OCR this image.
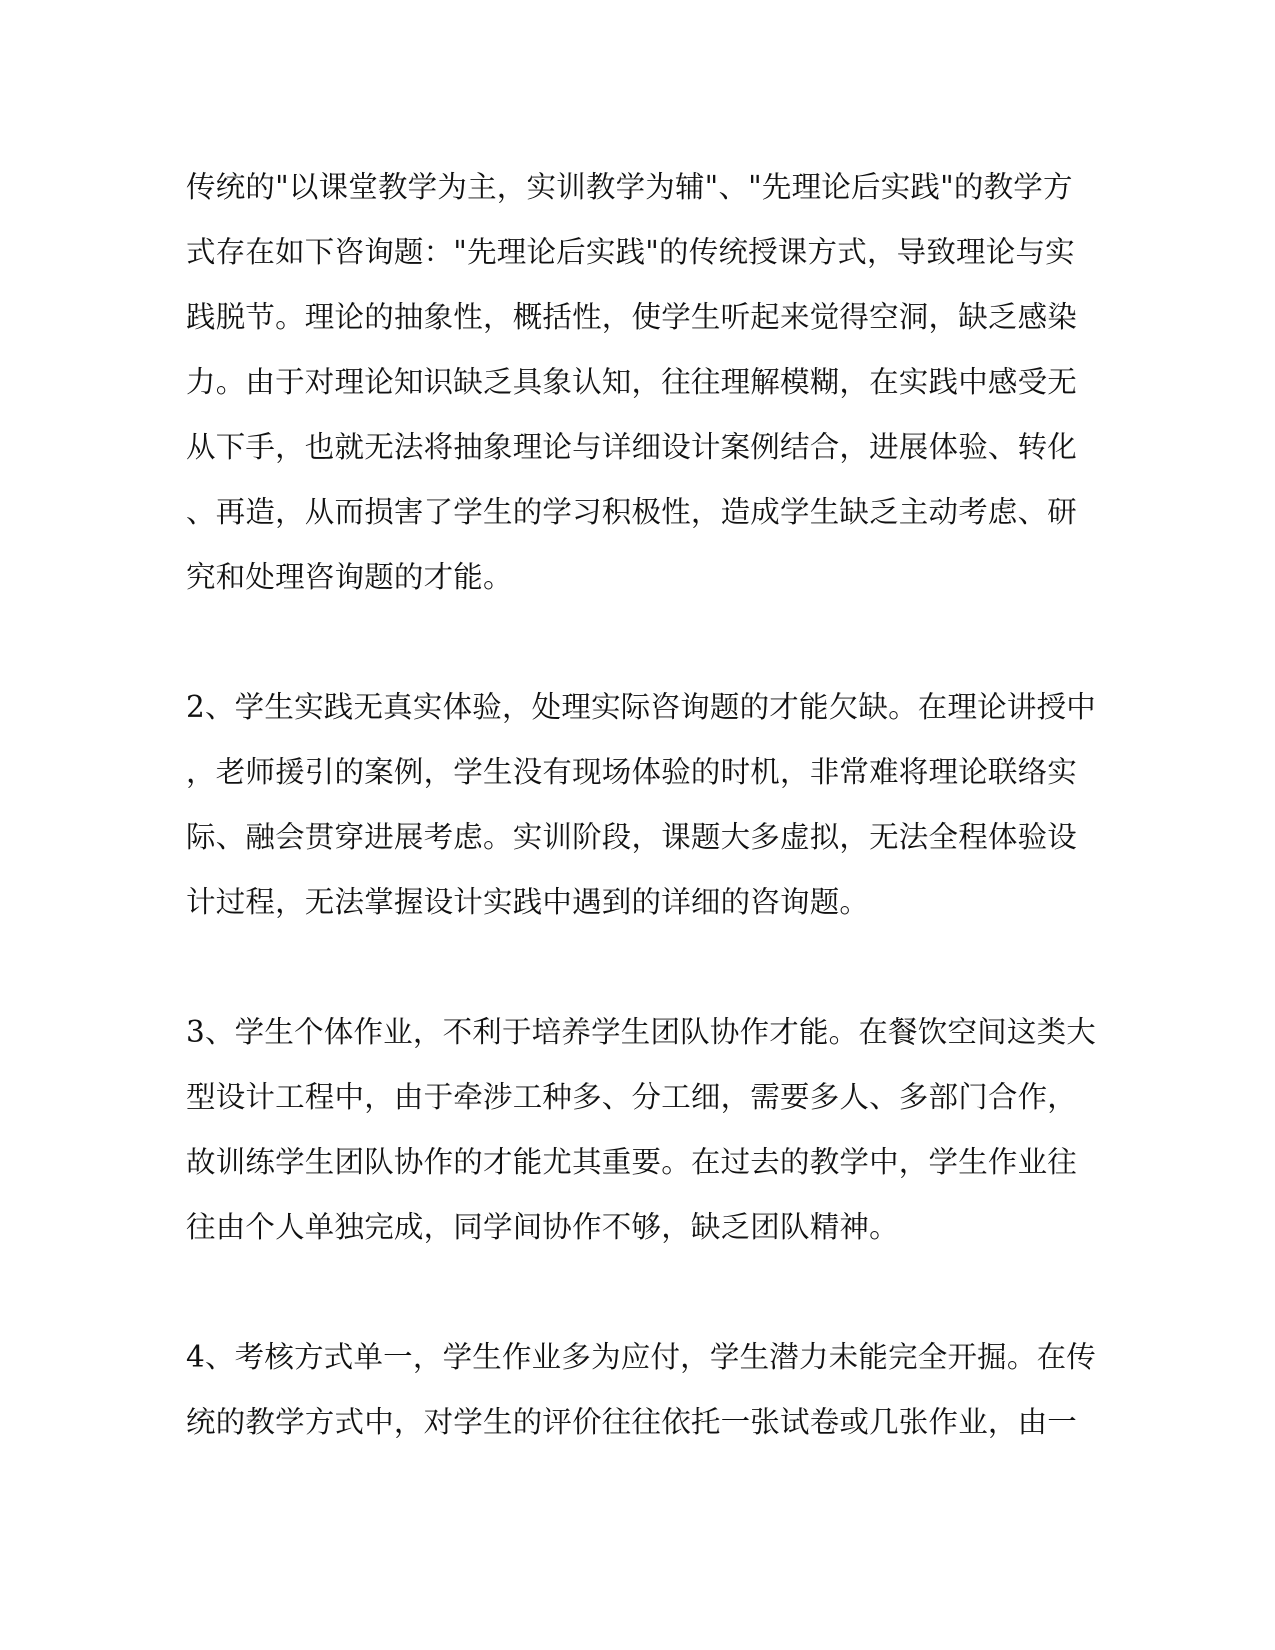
传统的"以课堂教学为主，实训教学为辅"、"先理论后实践"的教学方
式存在如下咨询题："先理论后实践"的传统授课方式，导致理论与实
践脱节。理论的抽象性，概括性，使学生听起来觉得空洞，缺乏感染
力。由于对理论知识缺乏具象认知，往往理解模糊，在实践中感受无
从下手，也就无法将抽象理论与详细设计案例结合，进展体验、转化
、再造，从而损害了学生的学习积极性，造成学生缺乏主动考虑、研
究和处理咨询题的才能。

2、学生实践无真实体验，处理实际咨询题的才能欠缺。在理论讲授中
，老师援引的案例，学生没有现场体验的时机，非常难将理论联络实
际、融会贯穿进展考虑。实训阶段，课题大多虚拟，无法全程体验设
计过程，无法掌握设计实践中遇到的详细的咨询题。

3、学生个体作业，不利于培养学生团队协作才能。在餐饮空间这类大
型设计工程中，由于牵涉工种多、分工细，需要多人、多部门合作，
故训练学生团队协作的才能尤其重要。在过去的教学中，学生作业往
往由个人单独完成，同学间协作不够，缺乏团队精神。

4、考核方式单一，学生作业多为应付，学生潜力未能完全开掘。在传
统的教学方式中，对学生的评价往往依托一张试卷或几张作业，由一
